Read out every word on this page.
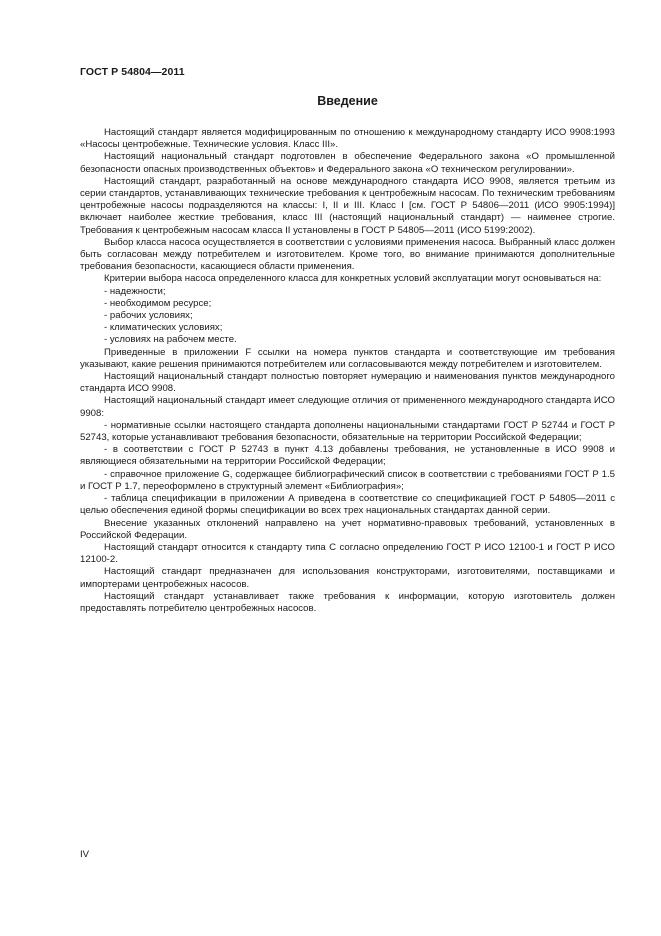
ГОСТ Р 54804—2011
Введение

Настоящий стандарт является модифицированным по отношению к международному стандарту ИСО 9908:1993 «Насосы центробежные. Технические условия. Класс III».

Настоящий национальный стандарт подготовлен в обеспечение Федерального закона «О промышленной безопасности опасных производственных объектов» и Федерального закона «О техническом регулировании».

Настоящий стандарт, разработанный на основе международного стандарта ИСО 9908, является третьим из серии стандартов, устанавливающих технические требования к центробежным насосам. По техническим требованиям центробежные насосы подразделяются на классы: I, II и III. Класс I [см. ГОСТ Р 54806—2011 (ИСО 9905:1994)] включает наиболее жесткие требования, класс III (настоящий национальный стандарт) — наименее строгие. Требования к центробежным насосам класса II установлены в ГОСТ Р 54805—2011 (ИСО 5199:2002).

Выбор класса насоса осуществляется в соответствии с условиями применения насоса. Выбранный класс должен быть согласован между потребителем и изготовителем. Кроме того, во внимание принимаются дополнительные требования безопасности, касающиеся области применения.

Критерии выбора насоса определенного класса для конкретных условий эксплуатации могут основываться на:

- надежности;
- необходимом ресурсе;
- рабочих условиях;
- климатических условиях;
- условиях на рабочем месте.

Приведенные в приложении F ссылки на номера пунктов стандарта и соответствующие им требования указывают, какие решения принимаются потребителем или согласовываются между потребителем и изготовителем.

Настоящий национальный стандарт полностью повторяет нумерацию и наименования пунктов международного стандарта ИСО 9908.

Настоящий национальный стандарт имеет следующие отличия от примененного международного стандарта ИСО 9908:

- нормативные ссылки настоящего стандарта дополнены национальными стандартами ГОСТ Р 52744 и ГОСТ Р 52743, которые устанавливают требования безопасности, обязательные на территории Российской Федерации;

- в соответствии с ГОСТ Р 52743 в пункт 4.13 добавлены требования, не установленные в ИСО 9908 и являющиеся обязательными на территории Российской Федерации;

- справочное приложение G, содержащее библиографический список в соответствии с требованиями ГОСТ Р 1.5 и ГОСТ Р 1.7, переоформлено в структурный элемент «Библиография»;

- таблица спецификации в приложении А приведена в соответствие со спецификацией ГОСТ Р 54805—2011 с целью обеспечения единой формы спецификации во всех трех национальных стандартах данной серии.

Внесение указанных отклонений направлено на учет нормативно-правовых требований, установленных в Российской Федерации.

Настоящий стандарт относится к стандарту типа С согласно определению ГОСТ Р ИСО 12100-1 и ГОСТ Р ИСО 12100-2.

Настоящий стандарт предназначен для использования конструкторами, изготовителями, поставщиками и импортерами центробежных насосов.

Настоящий стандарт устанавливает также требования к информации, которую изготовитель должен предоставлять потребителю центробежных насосов.

IV
